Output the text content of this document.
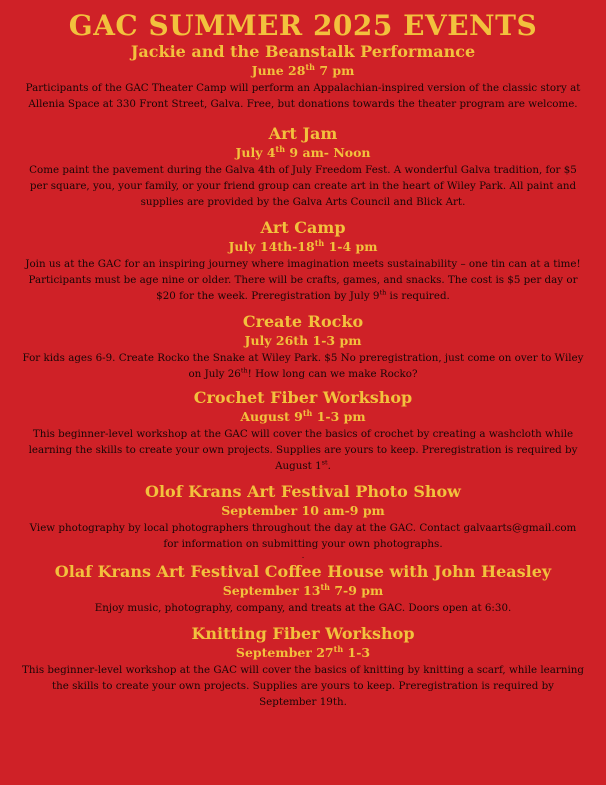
GAC SUMMER 2025 EVENTS
Jackie and the Beanstalk Performance
June 28th 7 pm
Participants of the GAC Theater Camp will perform an Appalachian-inspired version of the classic story at Allenia Space at 330 Front Street, Galva. Free, but donations towards the theater program are welcome.
Art Jam
July 4th 9 am- Noon
Come paint the pavement during the Galva 4th of July Freedom Fest. A wonderful Galva tradition, for $5 per square, you, your family, or your friend group can create art in the heart of Wiley Park. All paint and supplies are provided by the Galva Arts Council and Blick Art.
Art Camp
July 14th-18th 1-4 pm
Join us at the GAC for an inspiring journey where imagination meets sustainability – one tin can at a time! Participants must be age nine or older. There will be crafts, games, and snacks. The cost is $5 per day or $20 for the week. Preregistration by July 9th is required.
Create Rocko
July 26th 1-3 pm
For kids ages 6-9. Create Rocko the Snake at Wiley Park. $5 No preregistration, just come on over to Wiley on July 26th! How long can we make Rocko?
Crochet Fiber Workshop
August 9th 1-3 pm
This beginner-level workshop at the GAC will cover the basics of crochet by creating a washcloth while learning the skills to create your own projects. Supplies are yours to keep. Preregistration is required by August 1st.
Olof Krans Art Festival Photo Show
September 10 am-9 pm
View photography by local photographers throughout the day at the GAC. Contact galvaarts@gmail.com for information on submitting your own photographs.
.
Olaf Krans Art Festival Coffee House with John Heasley
September 13th 7-9 pm
Enjoy music, photography, company, and treats at the GAC. Doors open at 6:30.
Knitting Fiber Workshop
September 27th 1-3
This beginner-level workshop at the GAC will cover the basics of knitting by knitting a scarf, while learning the skills to create your own projects. Supplies are yours to keep. Preregistration is required by September 19th.
